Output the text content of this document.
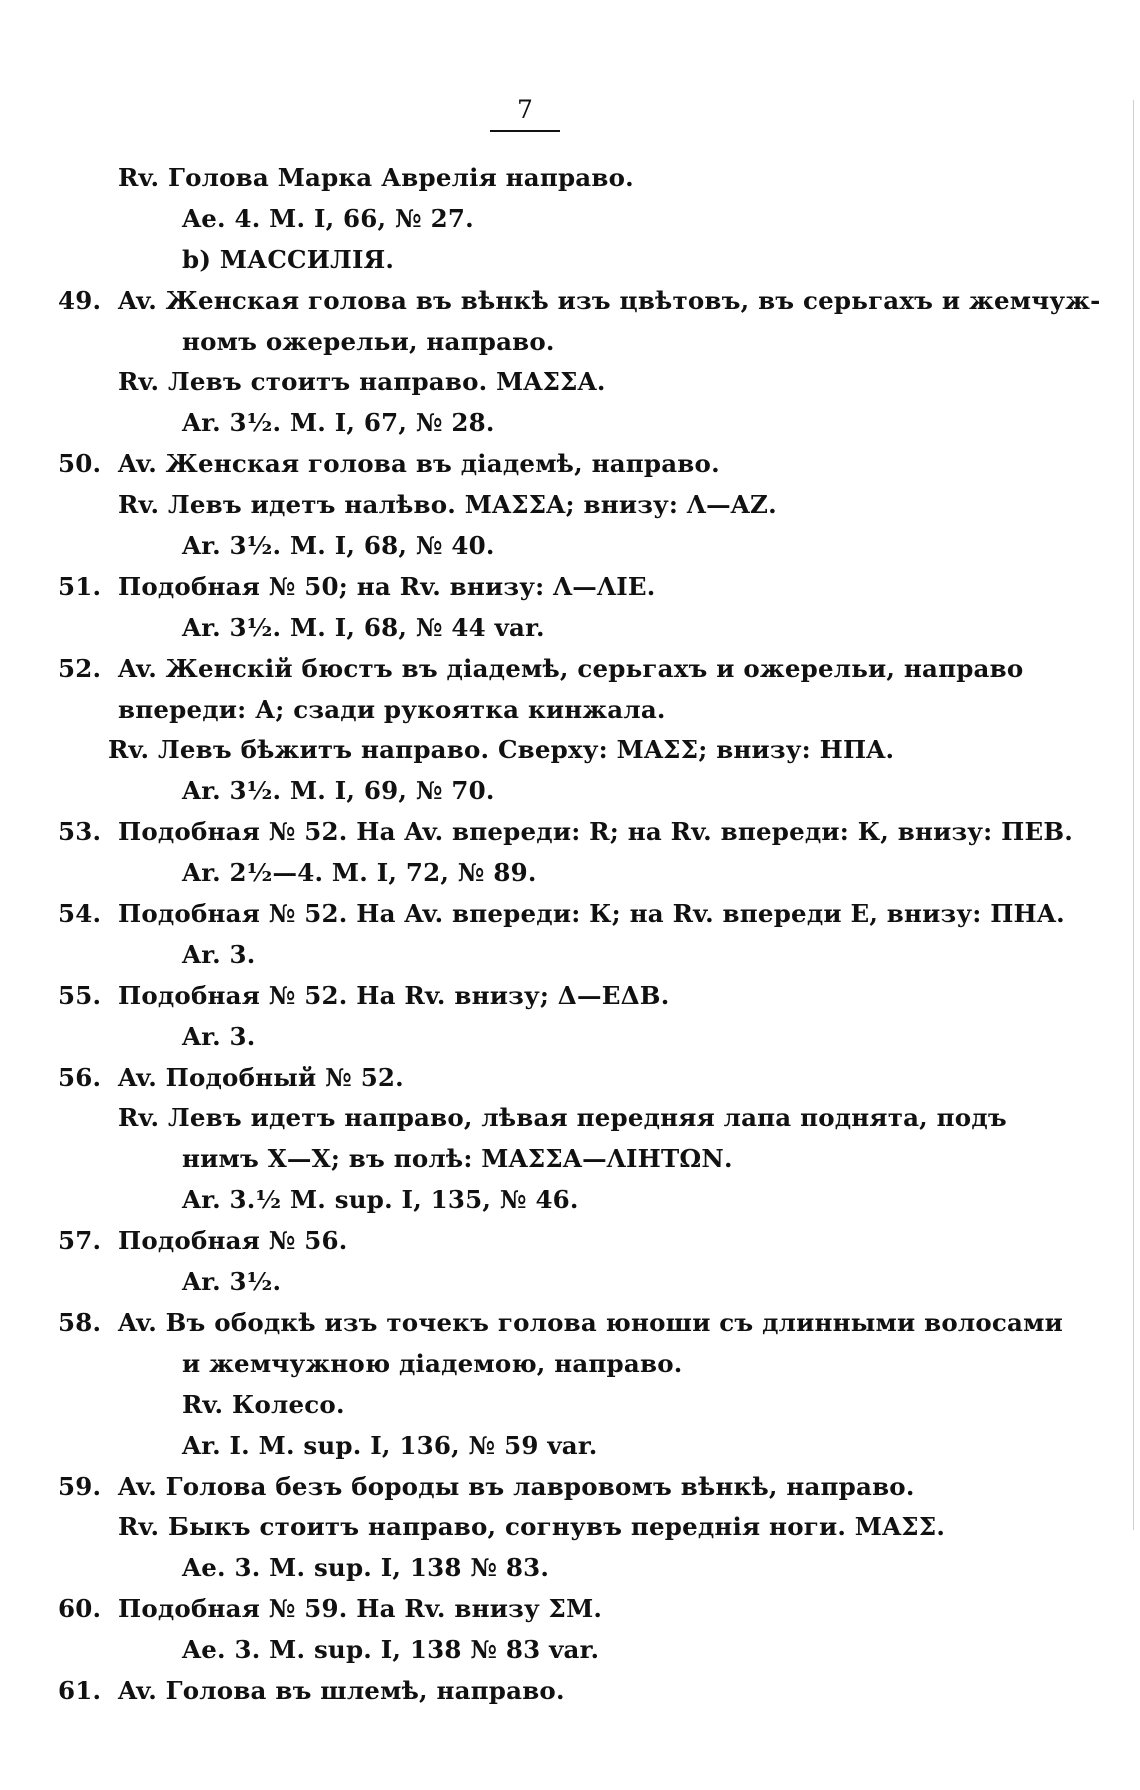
7
Rv. Голова Марка Аврелія направо.
Ae. 4. M. I, 66, № 27.
b) МАССИЛІЯ.
49. Av. Женская голова въ вѣнкѣ изъ цвѣтовъ, въ серьгахъ и жемчуж-
номъ ожерельи, направо.
Rv. Левъ стоитъ направо. ΜΑΣΣΑ.
Ar. 3½. M. I, 67, № 28.
50. Av. Женская голова въ діадемѣ, направо.
Rv. Левъ идетъ налѣво. ΜΑΣΣΑ; внизу: Λ—ΑΖ.
Ar. 3½. M. I, 68, № 40.
51. Подобная № 50; на Rv. внизу: Λ—ΛΙΕ.
Ar. 3½. M. I, 68, № 44 var.
52. Av. Женскій бюстъ въ діадемѣ, серьгахъ и ожерельи, направо
впереди: А; сзади рукоятка кинжала.
Rv. Левъ бѣжитъ направо. Сверху: ΜΑΣΣ; внизу: ΗΠΑ.
Ar. 3½. M. I, 69, № 70.
53. Подобная № 52. На Av. впереди: R; на Rv. впереди: К, внизу: ПЕВ.
Ar. 2½—4. M. I, 72, № 89.
54. Подобная № 52. На Av. впереди: К; на Rv. впереди Е, внизу: ΠΗΑ.
Ar. 3.
55. Подобная № 52. На Rv. внизу; Δ—ΕΔΒ.
Ar. 3.
56. Av. Подобный № 52.
Rv. Левъ идетъ направо, лѣвая передняя лапа поднята, подъ
нимъ Х—Х; въ полѣ: ΜΑΣΣΑ—ΛΙΗΤΩΝ.
Ar. 3.½ M. sup. I, 135, № 46.
57. Подобная № 56.
Ar. 3½.
58. Av. Въ ободкѣ изъ точекъ голова юноши съ длинными волосами
и жемчужною діадемою, направо.
Rv. Колесо.
Ar. I. M. sup. I, 136, № 59 var.
59. Av. Голова безъ бороды въ лавровомъ вѣнкѣ, направо.
Rv. Быкъ стоитъ направо, согнувъ переднія ноги. ΜΑΣΣ.
Ae. 3. M. sup. I, 138 № 83.
60. Подобная № 59. На Rv. внизу ΣΜ.
Ae. 3. M. sup. I, 138 № 83 var.
61. Av. Голова въ шлемѣ, направо.
